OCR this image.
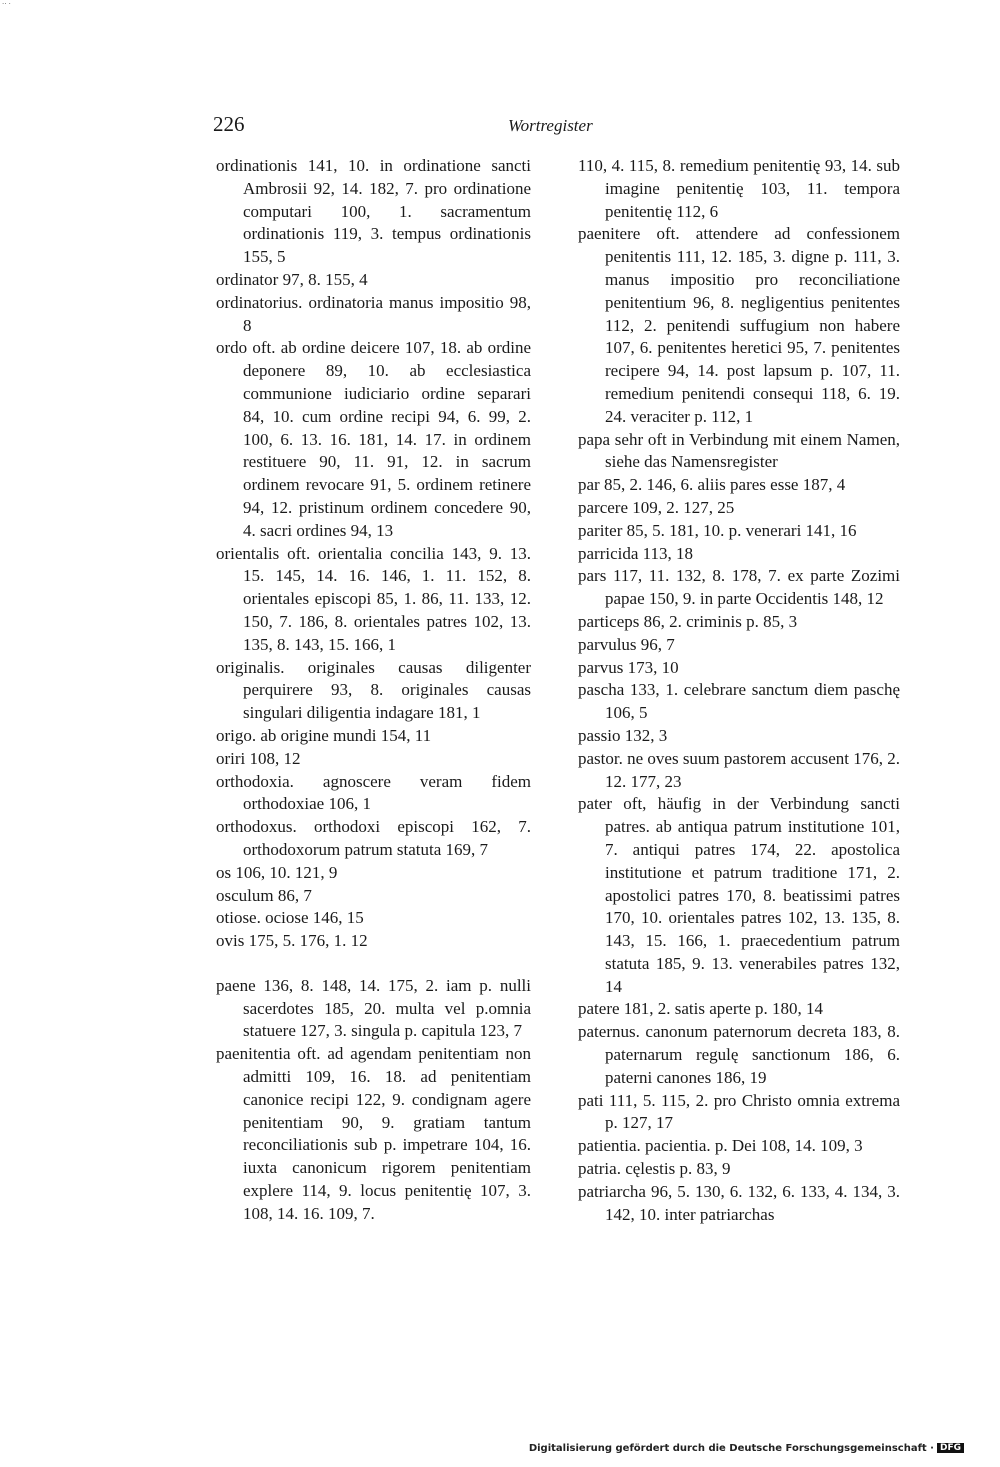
·· ·
226	Wortregister

ordinationis 141, 10. in ordinatione sancti Ambrosii 92, 14. 182, 7. pro ordinatione computari 100, 1. sacramentum ordinationis 119, 3. tempus ordinationis 155, 5

ordinator 97, 8. 155, 4

ordinatorius. ordinatoria manus impositio 98, 8

ordo oft. ab ordine deicere 107, 18. ab ordine deponere 89, 10. ab ecclesiastica communione iudiciario ordine separari 84, 10. cum ordine recipi 94, 6. 99, 2. 100, 6. 13. 16. 181, 14. 17. in ordinem restituere 90, 11. 91, 12. in sacrum ordinem revocare 91, 5. ordinem retinere 94, 12. pristinum ordinem concedere 90, 4. sacri ordines 94, 13

orientalis oft. orientalia concilia 143, 9. 13. 15. 145, 14. 16. 146, 1. 11. 152, 8. orientales episcopi 85, 1. 86, 11. 133, 12. 150, 7. 186, 8. orientales patres 102, 13. 135, 8. 143, 15. 166, 1

originalis. originales causas diligenter perquirere 93, 8. originales causas singulari diligentia indagare 181, 1

origo. ab origine mundi 154, 11

oriri 108, 12

orthodoxia. agnoscere veram fidem orthodoxiae 106, 1

orthodoxus. orthodoxi episcopi 162, 7. orthodoxorum patrum statuta 169, 7

os 106, 10. 121, 9

osculum 86, 7

otiose. ociose 146, 15

ovis 175, 5. 176, 1. 12

paene 136, 8. 148, 14. 175, 2. iam p. nulli sacerdotes 185, 20. multa vel p.omnia statuere 127, 3. singula p. capitula 123, 7

paenitentia oft. ad agendam penitentiam non admitti 109, 16. 18. ad penitentiam canonice recipi 122, 9. condignam agere penitentiam 90, 9. gratiam tantum reconciliationis sub p. impetrare 104, 16. iuxta canonicum rigorem penitentiam explere 114, 9. locus penitentię 107, 3. 108, 14. 16. 109, 7.

110, 4. 115, 8. remedium penitentię 93, 14. sub imagine penitentię 103, 11. tempora penitentię 112, 6

paenitere oft. attendere ad confessionem penitentis 111, 12. 185, 3. digne p. 111, 3. manus impositio pro reconciliatione penitentium 96, 8. negligentius penitentes 112, 2. penitendi suffugium non habere 107, 6. penitentes heretici 95, 7. penitentes recipere 94, 14. post lapsum p. 107, 11. remedium penitendi consequi 118, 6. 19. 24. veraciter p. 112, 1

papa sehr oft in Verbindung mit einem Namen, siehe das Namensregister

par 85, 2. 146, 6. aliis pares esse 187, 4

parcere 109, 2. 127, 25

pariter 85, 5. 181, 10. p. venerari 141, 16

parricida 113, 18

pars 117, 11. 132, 8. 178, 7. ex parte Zozimi papae 150, 9. in parte Occidentis 148, 12

particeps 86, 2. criminis p. 85, 3

parvulus 96, 7

parvus 173, 10

pascha 133, 1. celebrare sanctum diem paschę 106, 5

passio 132, 3

pastor. ne oves suum pastorem accusent 176, 2. 12. 177, 23

pater oft, häufig in der Verbindung sancti patres. ab antiqua patrum institutione 101, 7. antiqui patres 174, 22. apostolica institutione et patrum traditione 171, 2. apostolici patres 170, 8. beatissimi patres 170, 10. orientales patres 102, 13. 135, 8. 143, 15. 166, 1. praecedentium patrum statuta 185, 9. 13. venerabiles patres 132, 14

patere 181, 2. satis aperte p. 180, 14

paternus. canonum paternorum decreta 183, 8. paternarum regulę sanctionum 186, 6. paterni canones 186, 19

pati 111, 5. 115, 2. pro Christo omnia extrema p. 127, 17

patientia. pacientia. p. Dei 108, 14. 109, 3

patria. cęlestis p. 83, 9

patriarcha 96, 5. 130, 6. 132, 6. 133, 4. 134, 3. 142, 10. inter patriarchas

Digitalisierung gefördert durch die Deutsche Forschungsgemeinschaft · DFG
